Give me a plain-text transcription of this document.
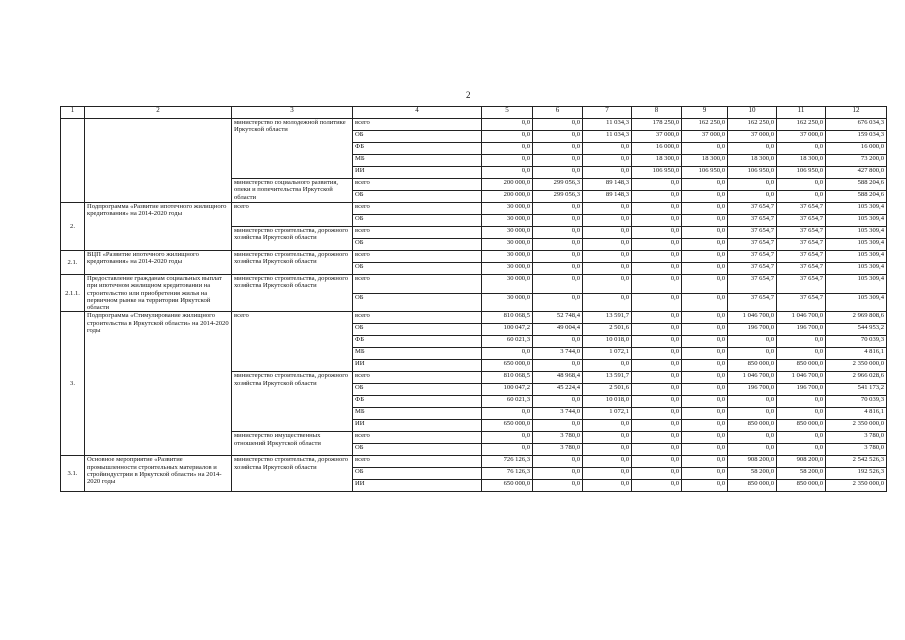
2
1	2	3	4	5	6	7	8	9	10	11	12
		министерство по молодежной политике Иркутской области	всего	0,0	0,0	11 034,3	178 250,0	162 250,0	162 250,0	162 250,0	676 034,3
			ОБ	0,0	0,0	11 034,3	37 000,0	37 000,0	37 000,0	37 000,0	159 034,3
			ФБ	0,0	0,0	0,0	16 000,0	0,0	0,0	0,0	16 000,0
			МБ	0,0	0,0	0,0	18 300,0	18 300,0	18 300,0	18 300,0	73 200,0
			ИИ	0,0	0,0	0,0	106 950,0	106 950,0	106 950,0	106 950,0	427 800,0
		министерство социального развития, опеки и попечительства Иркутской области	всего	200 000,0	299 056,3	89 148,3	0,0	0,0	0,0	0,0	588 204,6
			ОБ	200 000,0	299 056,3	89 148,3	0,0	0,0	0,0	0,0	588 204,6
2.	Подпрограмма «Развитие ипотечного жилищного кредитования» на 2014-2020 годы	всего	всего	30 000,0	0,0	0,0	0,0	0,0	37 654,7	37 654,7	105 309,4
			ОБ	30 000,0	0,0	0,0	0,0	0,0	37 654,7	37 654,7	105 309,4
		министерство строительства, дорожного хозяйства Иркутской области	всего	30 000,0	0,0	0,0	0,0	0,0	37 654,7	37 654,7	105 309,4
			ОБ	30 000,0	0,0	0,0	0,0	0,0	37 654,7	37 654,7	105 309,4
2.1.	ВЦП «Развитие ипотечного жилищного кредитования» на 2014-2020 годы	министерство строительства, дорожного хозяйства Иркутской области	всего	30 000,0	0,0	0,0	0,0	0,0	37 654,7	37 654,7	105 309,4
			ОБ	30 000,0	0,0	0,0	0,0	0,0	37 654,7	37 654,7	105 309,4
2.1.1.	Предоставление гражданам социальных выплат при ипотечном жилищном кредитовании на строительство или приобретения жилья на первичном рынке на территории Иркутской области	министерство строительства, дорожного хозяйства Иркутской области	всего	30 000,0	0,0	0,0	0,0	0,0	37 654,7	37 654,7	105 309,4
			ОБ	30 000,0	0,0	0,0	0,0	0,0	37 654,7	37 654,7	105 309,4
3.	Подпрограмма «Стимулирование жилищного строительства в Иркутской области» на 2014-2020 годы	всего	всего	810 068,5	52 748,4	13 591,7	0,0	0,0	1 046 700,0	1 046 700,0	2 969 808,6
			ОБ	100 047,2	49 004,4	2 501,6	0,0	0,0	196 700,0	196 700,0	544 953,2
			ФБ	60 021,3	0,0	10 018,0	0,0	0,0	0,0	0,0	70 039,3
			МБ	0,0	3 744,0	1 072,1	0,0	0,0	0,0	0,0	4 816,1
			ИИ	650 000,0	0,0	0,0	0,0	0,0	850 000,0	850 000,0	2 350 000,0
		министерство строительства, дорожного хозяйства Иркутской области	всего	810 068,5	48 968,4	13 591,7	0,0	0,0	1 046 700,0	1 046 700,0	2 966 028,6
			ОБ	100 047,2	45 224,4	2 501,6	0,0	0,0	196 700,0	196 700,0	541 173,2
			ФБ	60 021,3	0,0	10 018,0	0,0	0,0	0,0	0,0	70 039,3
			МБ	0,0	3 744,0	1 072,1	0,0	0,0	0,0	0,0	4 816,1
			ИИ	650 000,0	0,0	0,0	0,0	0,0	850 000,0	850 000,0	2 350 000,0
		министерство имущественных отношений Иркутской области	всего	0,0	3 780,0	0,0	0,0	0,0	0,0	0,0	3 780,0
			ОБ	0,0	3 780,0	0,0	0,0	0,0	0,0	0,0	3 780,0
3.1.	Основное мероприятие «Развитие промышленности строительных материалов и стройиндустрии в Иркутской области» на 2014-2020 годы	министерство строительства, дорожного хозяйства Иркутской области	всего	726 126,3	0,0	0,0	0,0	0,0	908 200,0	908 200,0	2 542 526,3
			ОБ	76 126,3	0,0	0,0	0,0	0,0	58 200,0	58 200,0	192 526,3
			ИИ	650 000,0	0,0	0,0	0,0	0,0	850 000,0	850 000,0	2 350 000,0
